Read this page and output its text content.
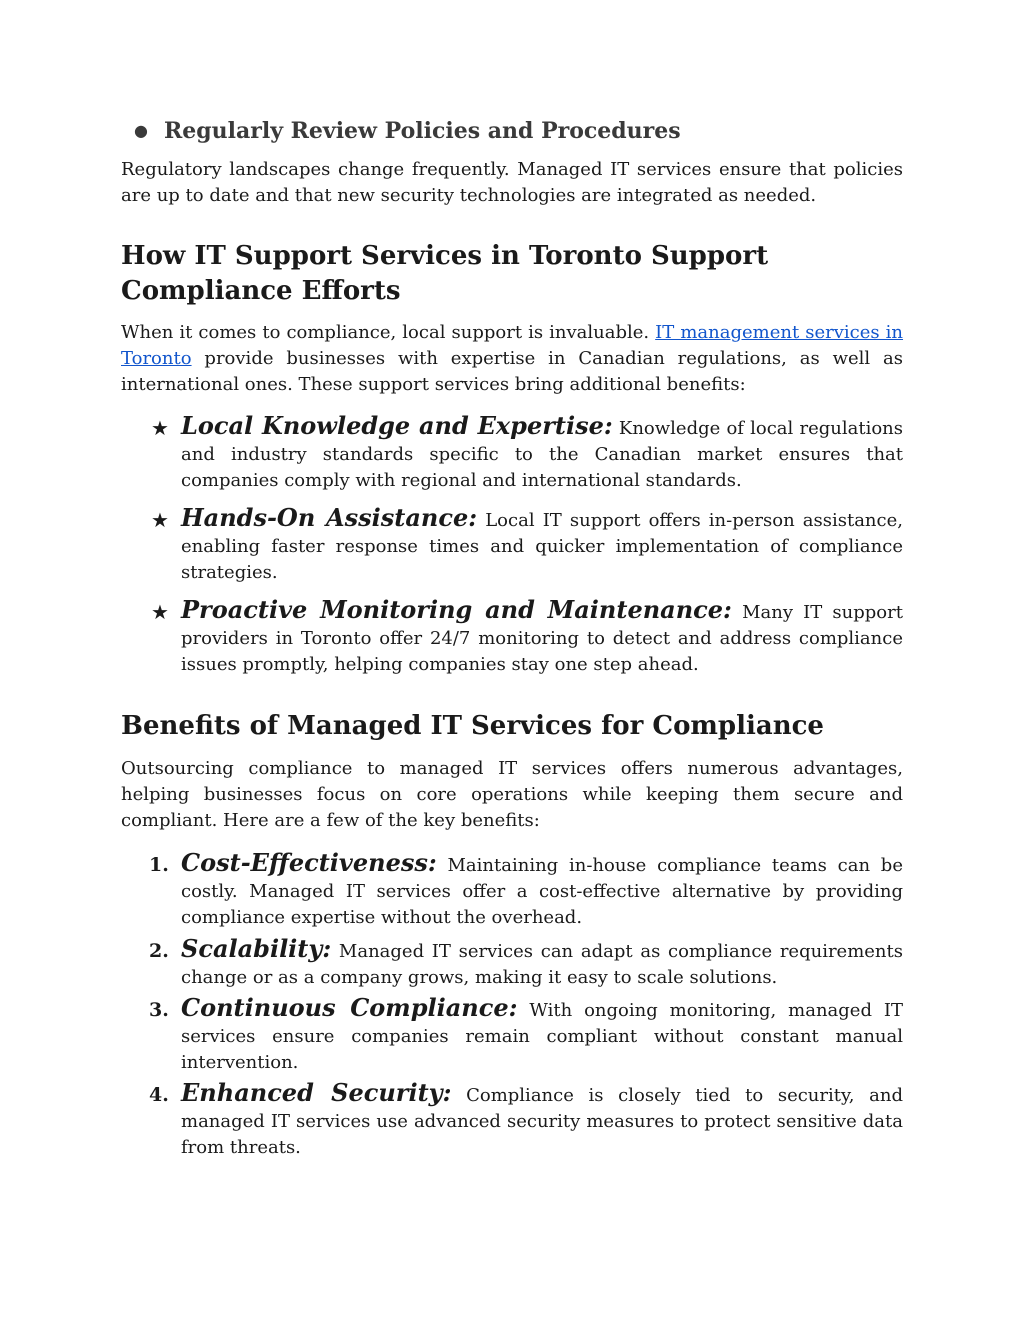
● Regularly Review Policies and Procedures

Regulatory landscapes change frequently. Managed IT services ensure that policies are up to date and that new security technologies are integrated as needed.

How IT Support Services in Toronto Support Compliance Efforts

When it comes to compliance, local support is invaluable. IT management services in Toronto provide businesses with expertise in Canadian regulations, as well as international ones. These support services bring additional benefits:

★ Local Knowledge and Expertise: Knowledge of local regulations and industry standards specific to the Canadian market ensures that companies comply with regional and international standards.

★ Hands-On Assistance: Local IT support offers in-person assistance, enabling faster response times and quicker implementation of compliance strategies.

★ Proactive Monitoring and Maintenance: Many IT support providers in Toronto offer 24/7 monitoring to detect and address compliance issues promptly, helping companies stay one step ahead.

Benefits of Managed IT Services for Compliance

Outsourcing compliance to managed IT services offers numerous advantages, helping businesses focus on core operations while keeping them secure and compliant. Here are a few of the key benefits:

1. Cost-Effectiveness: Maintaining in-house compliance teams can be costly. Managed IT services offer a cost-effective alternative by providing compliance expertise without the overhead.

2. Scalability: Managed IT services can adapt as compliance requirements change or as a company grows, making it easy to scale solutions.

3. Continuous Compliance: With ongoing monitoring, managed IT services ensure companies remain compliant without constant manual intervention.

4. Enhanced Security: Compliance is closely tied to security, and managed IT services use advanced security measures to protect sensitive data from threats.
